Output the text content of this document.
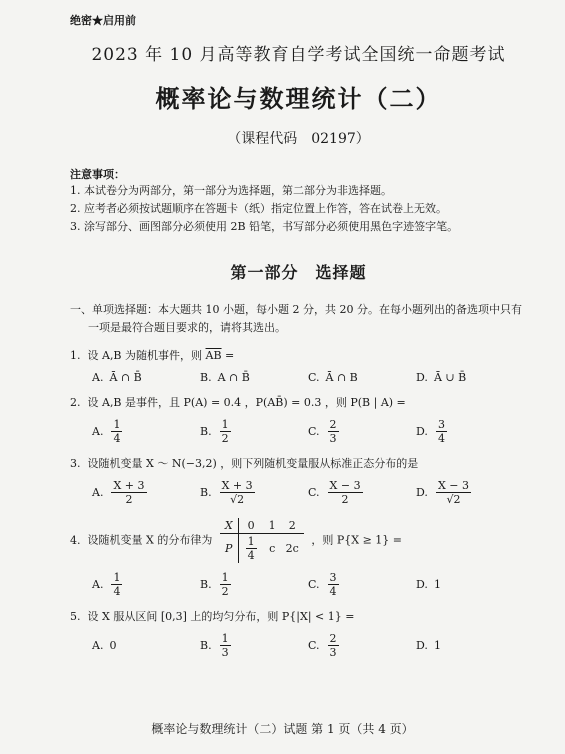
绝密★启用前
2023 年 10 月高等教育自学考试全国统一命题考试
概率论与数理统计（二）
（课程代码　02197）
注意事项：
1. 本试卷分为两部分，第一部分为选择题，第二部分为非选择题。
2. 应考者必须按试题顺序在答题卡（纸）指定位置上作答，答在试卷上无效。
3. 涂写部分、画图部分必须使用 2B 铅笔，书写部分必须使用黑色字迹签字笔。
第一部分　选择题
一、单项选择题：本大题共 10 小题，每小题 2 分，共 20 分。在每小题列出的备选项中只有一项是最符合题目要求的，请将其选出。
1. 设 A,B 为随机事件，则 $\overline{AB}$ =
A. Ā ∩ B̄	B. A ∩ B̄	C. Ā ∩ B	D. Ā ∪ B̄
2. 设 A,B 是事件，且 P(A) = 0.4 ，P(AB̄) = 0.3 ，则 P(B | A) =
A. $\frac{1}{4}$	B. $\frac{1}{2}$	C. $\frac{2}{3}$	D. $\frac{3}{4}$
3. 设随机变量 X ～ N(−3,2) ，则下列随机变量服从标准正态分布的是
A. $\frac{X + 3}{2}$	B. $\frac{X + 3}{√2}$	C. $\frac{X - 3}{2}$	D. $\frac{X - 3}{√2}$
4. 设随机变量 X 的分布律为
X	0	1	2
P	$\frac{1}{4}$	c	2c
，则 P{X ≥ 1} =
A. $\frac{1}{4}$	B. $\frac{1}{2}$	C. $\frac{3}{4}$	D. 1
5. 设 X 服从区间 [0,3] 上的均匀分布，则 P{|X| < 1} =
A. 0	B. $\frac{1}{3}$	C. $\frac{2}{3}$	D. 1
概率论与数理统计（二）试题 第 1 页（共 4 页）
